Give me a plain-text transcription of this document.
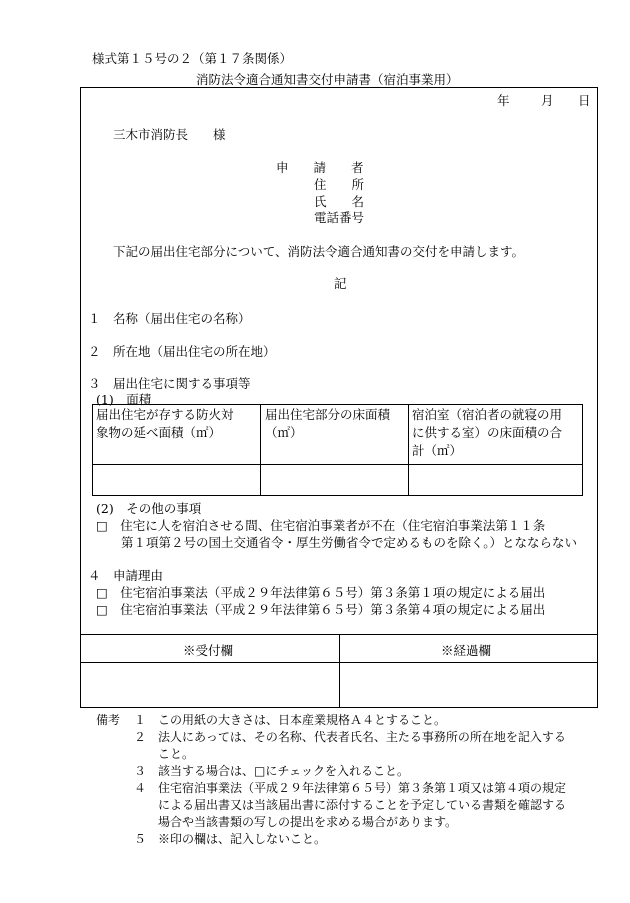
様式第１５号の２（第１７条関係）
消防法令適合通知書交付申請書（宿泊事業用）
年	月 日
三木市消防長　　様
申　　請　　者
住　　所
氏　　名
電話番号
下記の届出住宅部分について、消防法令適合通知書の交付を申請します。
記
１　名称（届出住宅の名称）
２　所在地（届出住宅の所在地）
３　届出住宅に関する事項等
(1)　面積
届出住宅が存する防火対
象物の延べ面積（㎡）
届出住宅部分の床面積
（㎡）
宿泊室（宿泊者の就寝の用
に供する室）の床面積の合
計（㎡）
(2)　その他の事項
□　住宅に人を宿泊させる間、住宅宿泊事業者が不在（住宅宿泊事業法第１１条
　　第１項第２号の国土交通省令・厚生労働省令で定めるものを除く。）となならない
４　申請理由
□　住宅宿泊事業法（平成２９年法律第６５号）第３条第１項の規定による届出
□　住宅宿泊事業法（平成２９年法律第６５号）第３条第４項の規定による届出
※受付欄	※経過欄
備考 １　この用紙の大きさは、日本産業規格Ａ４とすること。
２　法人にあっては、その名称、代表者氏名、主たる事務所の所在地を記入する
　　こと。
３　該当する場合は、□にチェックを入れること。
４　住宅宿泊事業法（平成２９年法律第６５号）第３条第１項又は第４項の規定
　　による届出書又は当該届出書に添付することを予定している書類を確認する
　　場合や当該書類の写しの提出を求める場合があります。
５　※印の欄は、記入しないこと。
